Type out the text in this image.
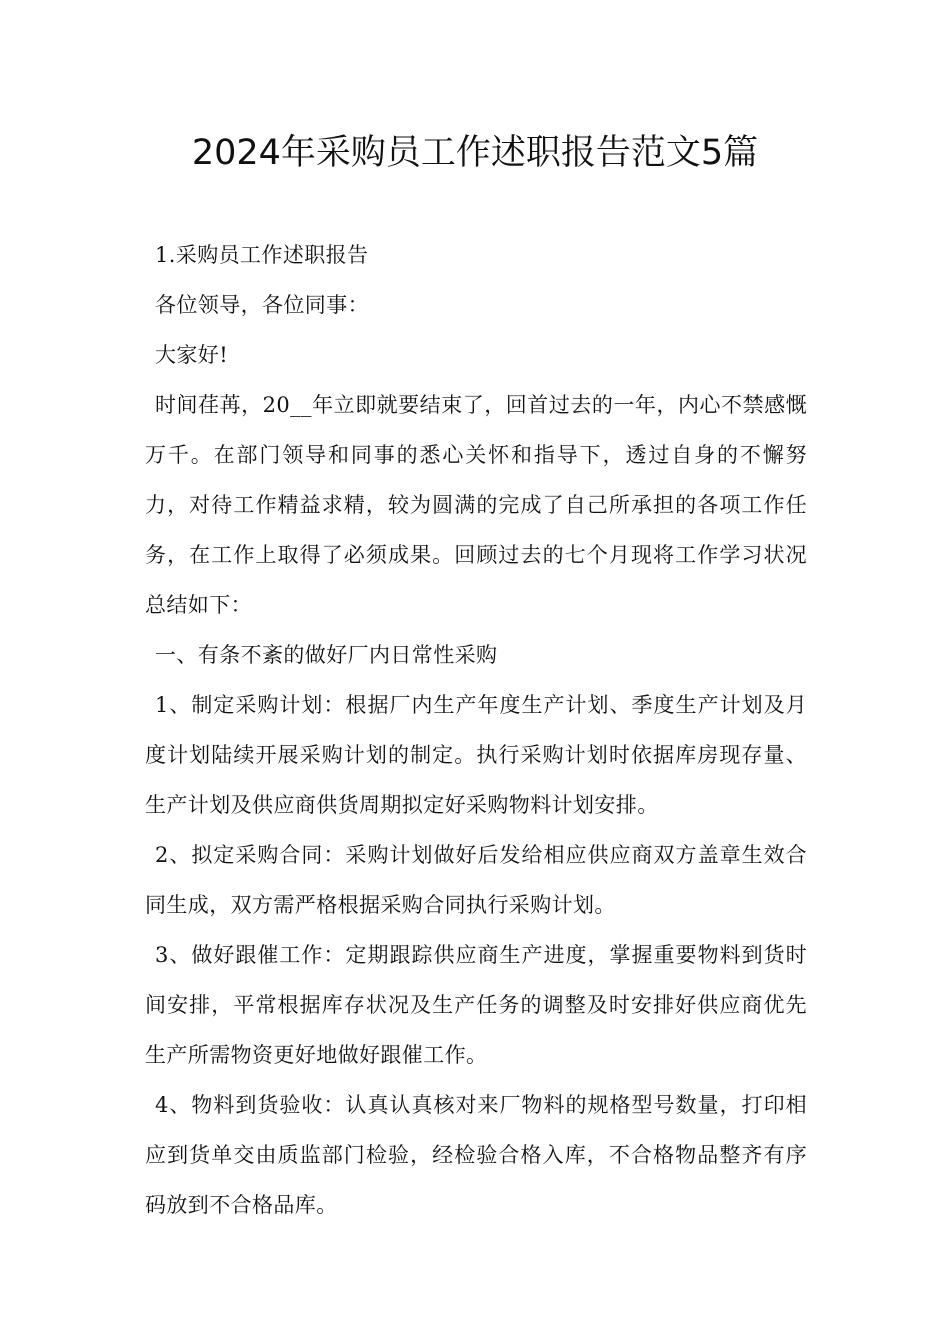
2024年采购员工作述职报告范文5篇

1.采购员工作述职报告

各位领导，各位同事：

大家好!

时间荏苒，20__年立即就要结束了，回首过去的一年，内心不禁感慨万千。在部门领导和同事的悉心关怀和指导下，透过自身的不懈努力，对待工作精益求精，较为圆满的完成了自己所承担的各项工作任务，在工作上取得了必须成果。回顾过去的七个月现将工作学习状况总结如下：

一、有条不紊的做好厂内日常性采购

1、制定采购计划：根据厂内生产年度生产计划、季度生产计划及月度计划陆续开展采购计划的制定。执行采购计划时依据库房现存量、生产计划及供应商供货周期拟定好采购物料计划安排。

2、拟定采购合同：采购计划做好后发给相应供应商双方盖章生效合同生成，双方需严格根据采购合同执行采购计划。

3、做好跟催工作：定期跟踪供应商生产进度，掌握重要物料到货时间安排，平常根据库存状况及生产任务的调整及时安排好供应商优先生产所需物资更好地做好跟催工作。

4、物料到货验收：认真认真核对来厂物料的规格型号数量，打印相应到货单交由质监部门检验，经检验合格入库，不合格物品整齐有序码放到不合格品库。
